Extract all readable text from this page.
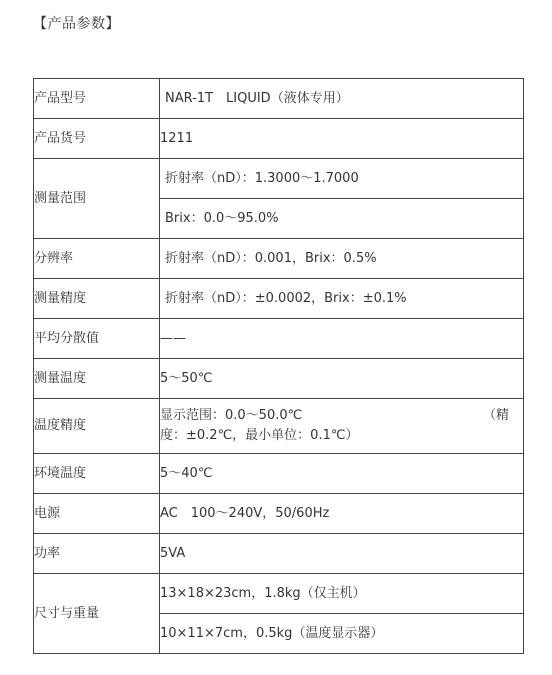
【产品参数】
产品型号	NAR-1T　LIQUID（液体专用）
产品货号	1211
测量范围	折射率（nD）：1.3000～1.7000
	Brix：0.0～95.0%
分辨率	折射率（nD）：0.001，Brix：0.5%
测量精度	折射率（nD）：±0.0002，Brix：±0.1%
平均分散值	——
测量温度	5～50℃
温度精度	显示范围：0.0～50.0℃ （精
度：±0.2℃，最小单位：0.1℃）

环境温度	5～40℃
电源	AC　100～240V，50/60Hz
功率	5VA
尺寸与重量	13×18×23cm，1.8kg（仅主机）
	10×11×7cm，0.5kg（温度显示器）
